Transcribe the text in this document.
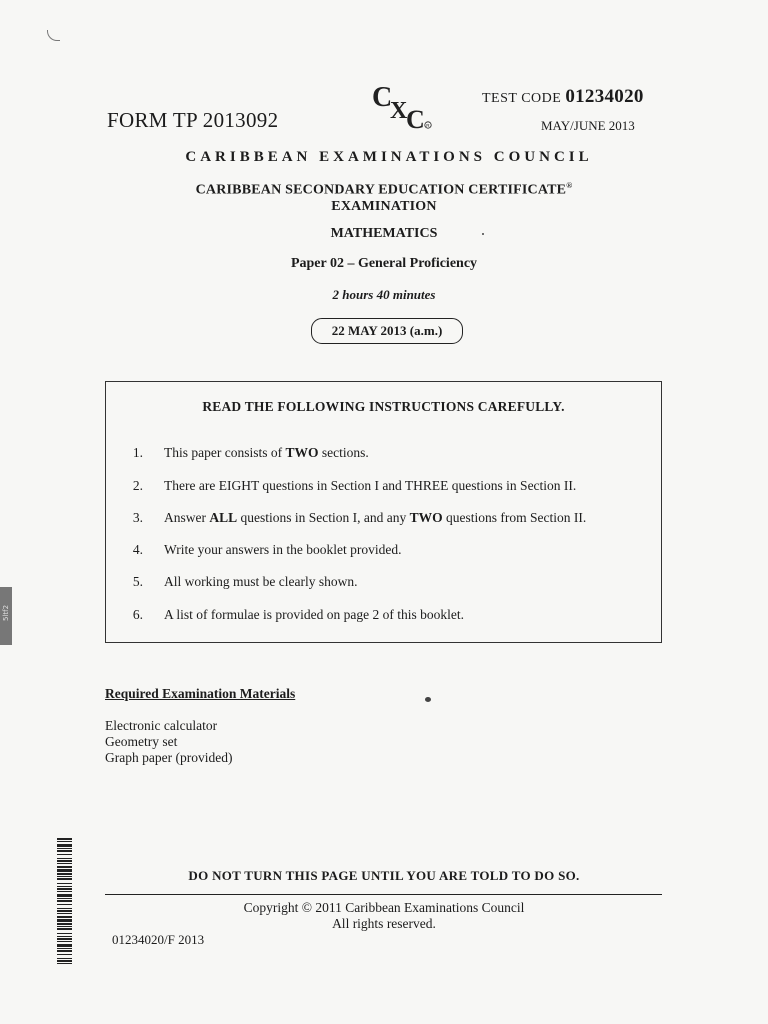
FORM TP 2013092
C
X
C R
TEST CODE 01234020
MAY/JUNE 2013
CARIBBEAN EXAMINATIONS COUNCIL
CARIBBEAN SECONDARY EDUCATION CERTIFICATE®
EXAMINATION
MATHEMATICS
Paper 02 – General Proficiency
2 hours 40 minutes
22 MAY 2013 (a.m.)
READ THE FOLLOWING INSTRUCTIONS CAREFULLY.
1. This paper consists of TWO sections.
2. There are EIGHT questions in Section I and THREE questions in Section II.
3. Answer ALL questions in Section I, and any TWO questions from Section II.
4. Write your answers in the booklet provided.
5. All working must be clearly shown.
6. A list of formulae is provided on page 2 of this booklet.
Required Examination Materials
Electronic calculator
Geometry set
Graph paper (provided)
DO NOT TURN THIS PAGE UNTIL YOU ARE TOLD TO DO SO.
Copyright © 2011 Caribbean Examinations Council
All rights reserved.
01234020/F 2013
5ltf2
